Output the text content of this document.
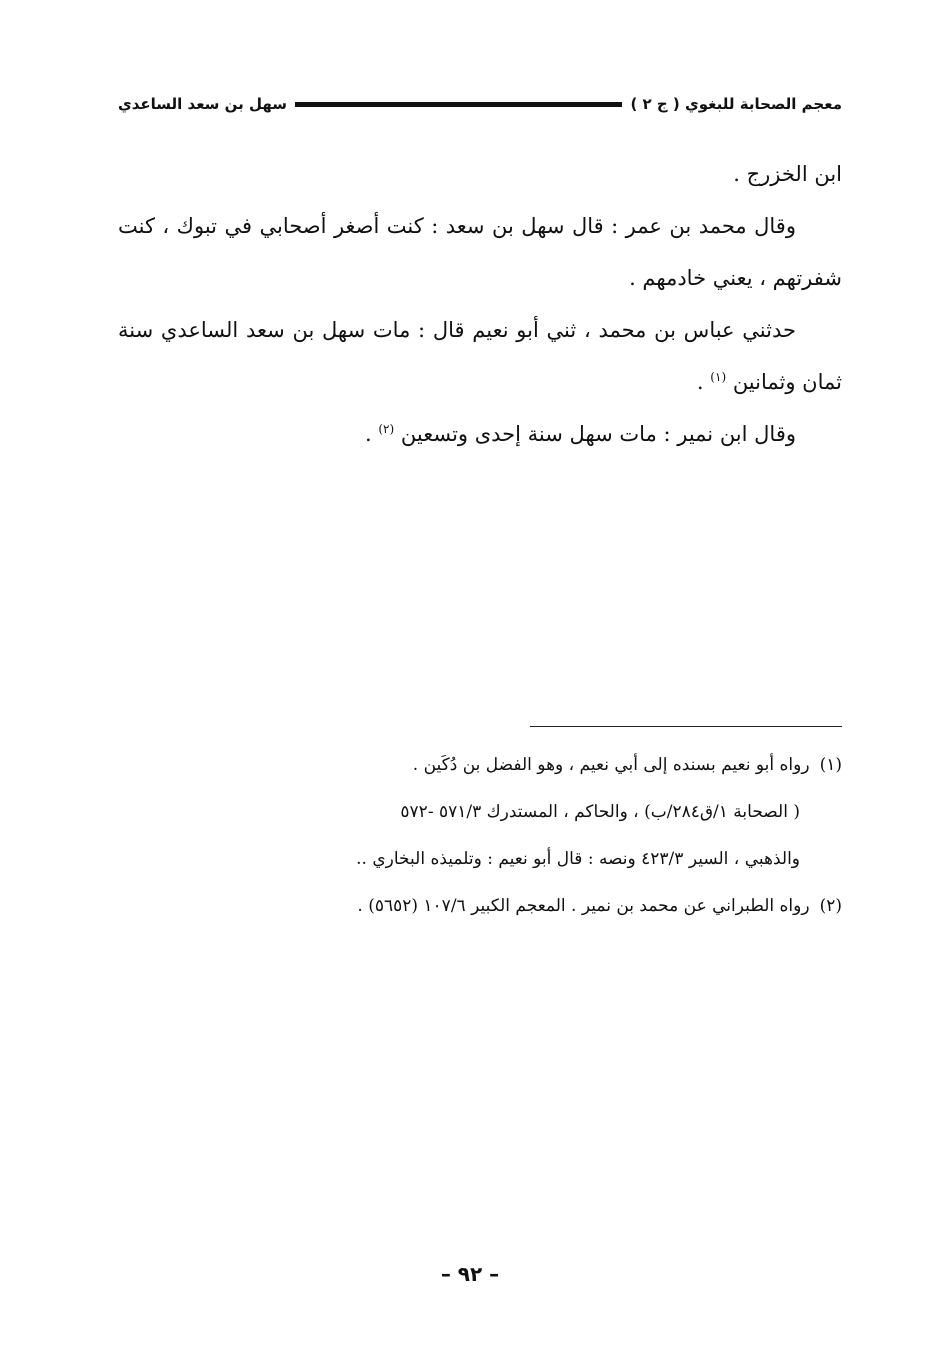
معجم الصحابة للبغوي ( ج ٢ )
سهل بن سعد الساعدي

ابن الخزرج .

وقال محمد بن عمر : قال سهل بن سعد : كنت أصغر أصحابي في تبوك ، كنت شفرتهم ، يعني خادمهم .

حدثني عباس بن محمد ، ثني أبو نعيم قال : مات سهل بن سعد الساعدي سنة ثمان وثمانين $^{(١)}$ .

وقال ابن نمير : مات سهل سنة إحدى وتسعين $^{(٢)}$ .

(١)رواه أبو نعيم بسنده إلى أبي نعيم ، وهو الفضل بن دُكَين .

( الصحابة ١/ق٢٨٤/ب) ، والحاكم ، المستدرك ٥٧١/٣ -٥٧٢

والذهبي ، السير ٤٢٣/٣ ونصه : قال أبو نعيم : وتلميذه البخاري ..

(٢)رواه الطبراني عن محمد بن نمير . المعجم الكبير ١٠٧/٦ (٥٦٥٢) .

– ٩٢ –
